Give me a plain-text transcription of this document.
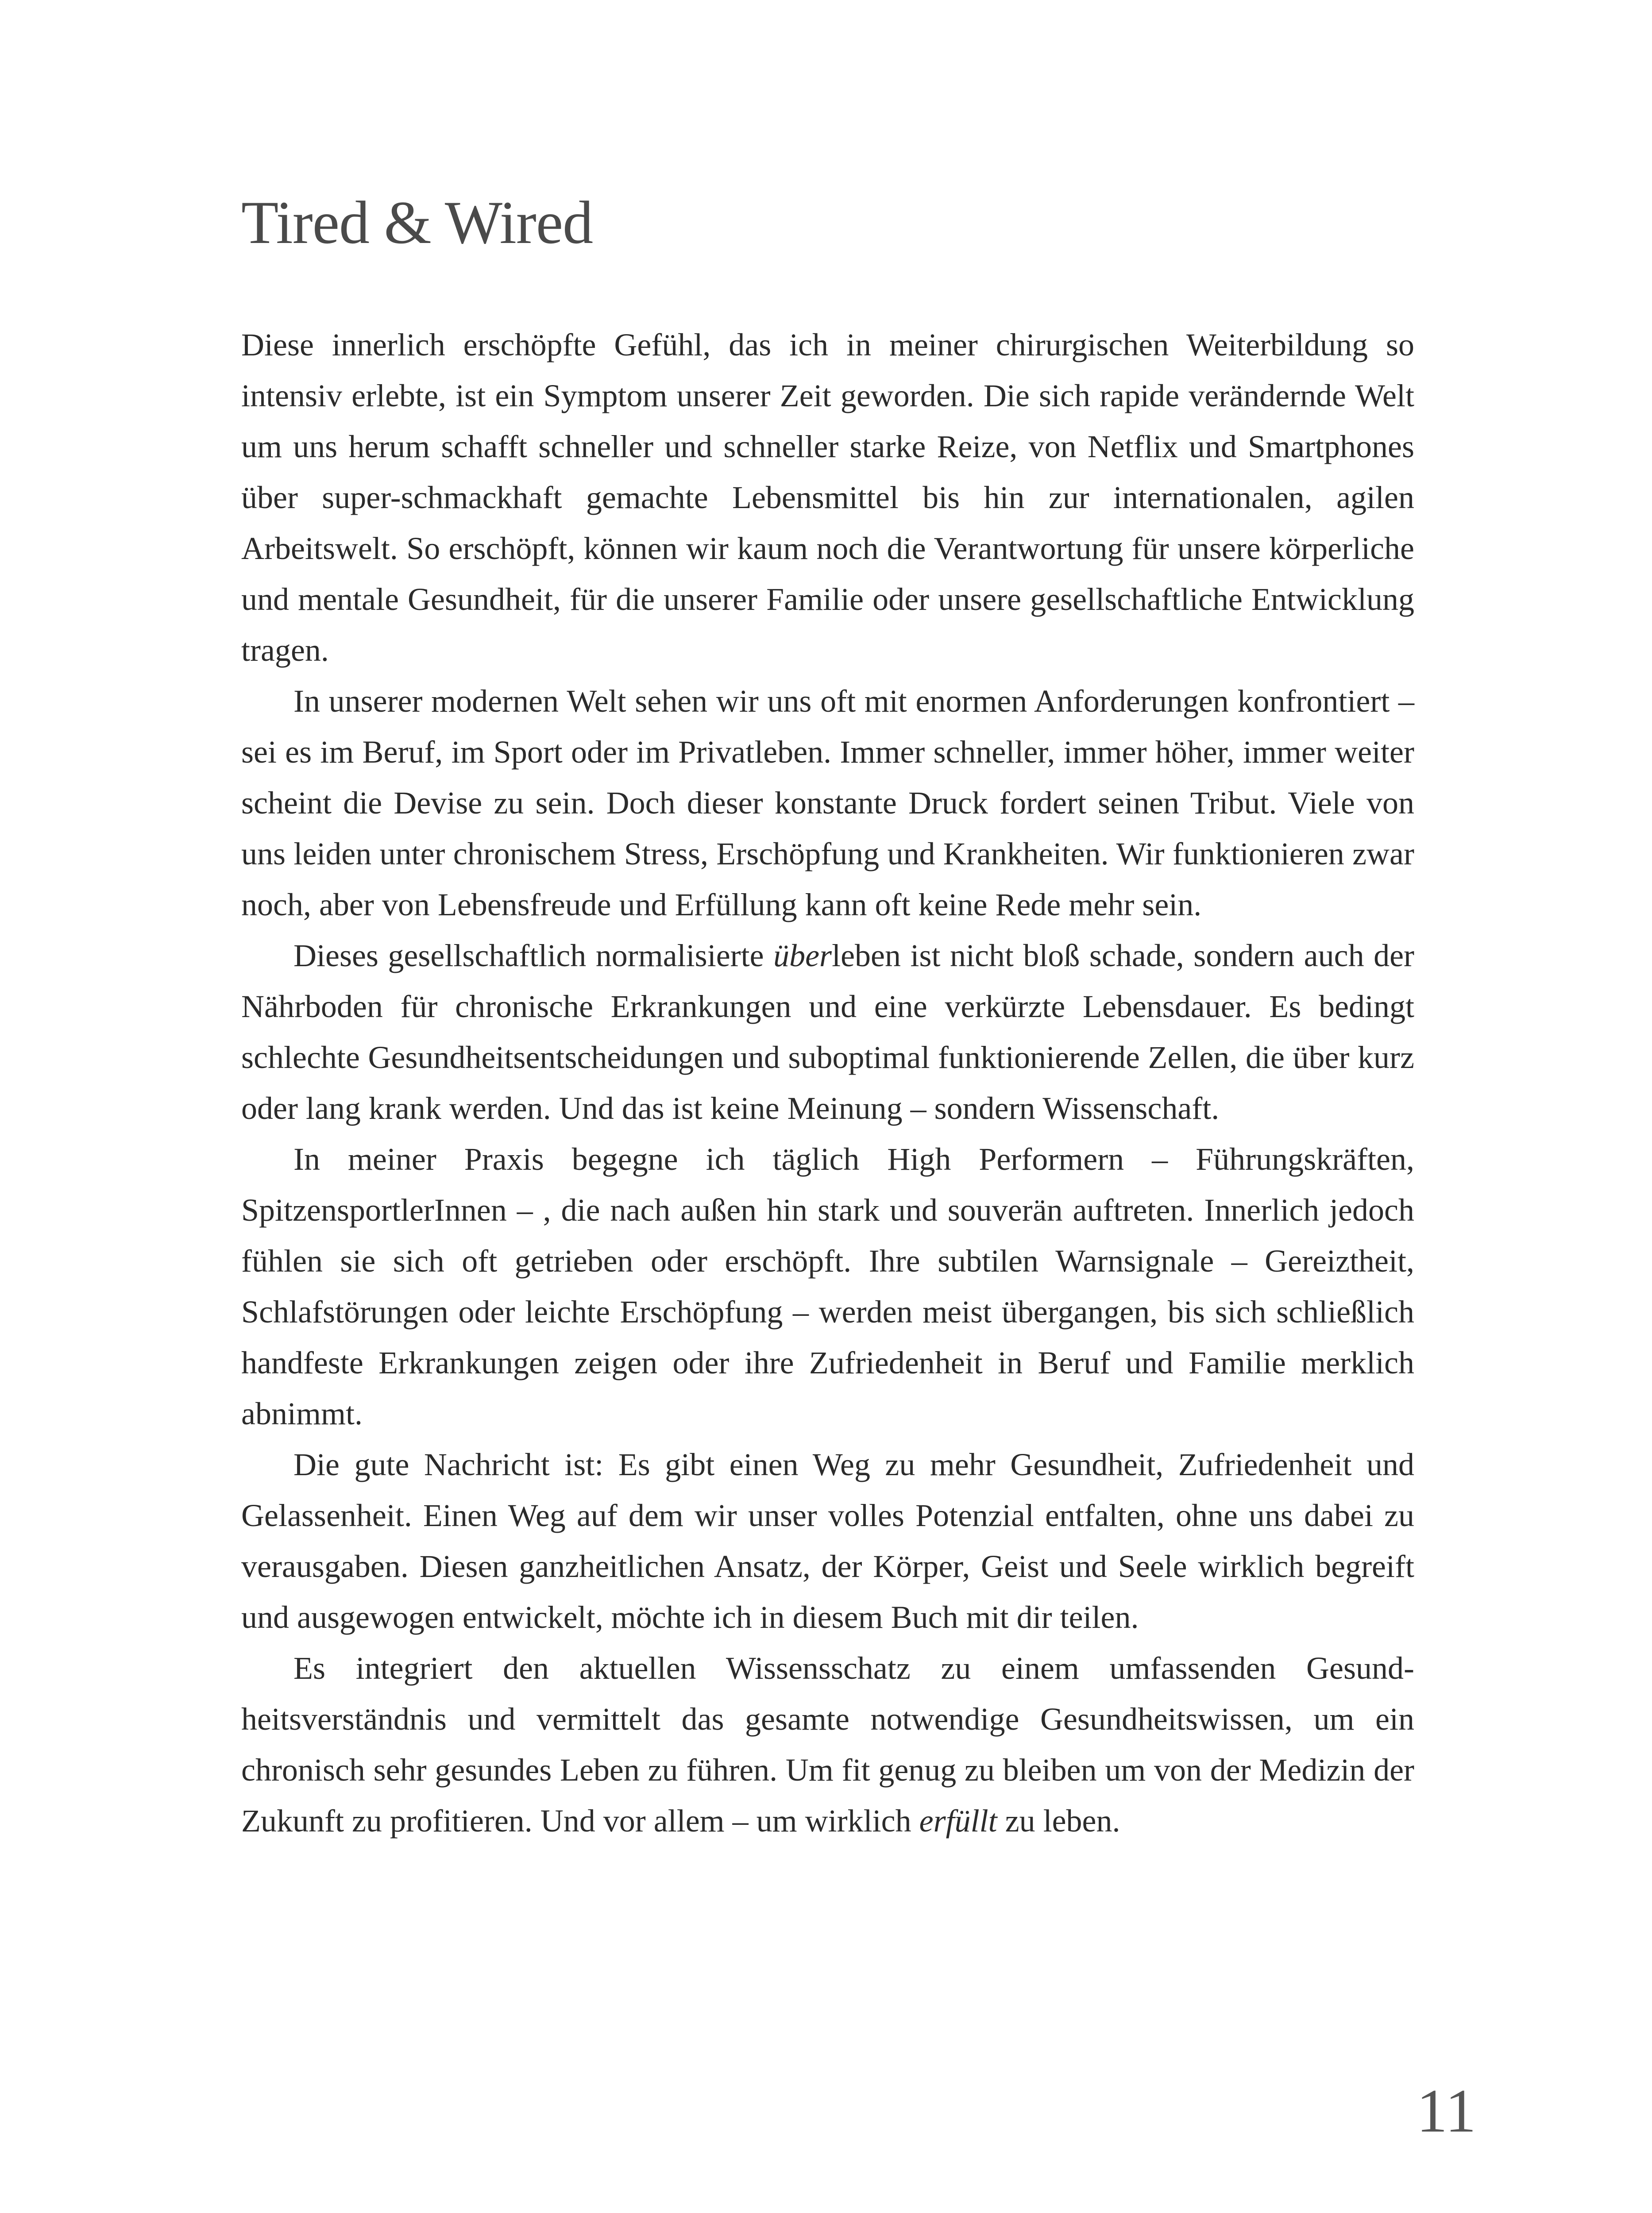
Tired & Wired

Diese innerlich erschöpfte Gefühl, das ich in meiner chirurgischen Weiterbildung so intensiv erlebte, ist ein Symptom unserer Zeit geworden. Die sich rapide verändernde Welt um uns herum schafft schneller und schneller starke Reize, von Netflix und Smartphones über super-schmackhaft gemachte Lebensmittel bis hin zur internationalen, agilen Arbeitswelt. So erschöpft, können wir kaum noch die Verantwortung für unsere körperliche und mentale Gesundheit, für die unserer Familie oder unsere gesellschaftliche Entwicklung tragen.

In unserer modernen Welt sehen wir uns oft mit enormen Anforderungen konfrontiert – sei es im Beruf, im Sport oder im Privatleben. Immer schneller, immer höher, immer weiter scheint die Devise zu sein. Doch dieser konstante Druck fordert seinen Tribut. Viele von uns leiden unter chronischem Stress, Erschöpfung und Krankheiten. Wir funktionieren zwar noch, aber von Lebensfreude und Erfüllung kann oft keine Rede mehr sein.

Dieses gesellschaftlich normalisierte überleben ist nicht bloß schade, sondern auch der Nährboden für chronische Erkrankungen und eine verkürzte Lebensdauer. Es bedingt schlechte Gesundheitsentscheidungen und suboptimal funktionierende Zellen, die über kurz oder lang krank werden. Und das ist keine Meinung – sondern Wissenschaft.

In meiner Praxis begegne ich täglich High Performern – Führungskräften, SpitzensportlerInnen – , die nach außen hin stark und souverän auftreten. Innerlich jedoch fühlen sie sich oft getrieben oder erschöpft. Ihre subtilen Warnsignale – Gereiztheit, Schlafstörungen oder leichte Erschöpfung – werden meist übergangen, bis sich schließlich handfeste Erkrankungen zeigen oder ihre Zufriedenheit in Beruf und Familie merklich abnimmt.

Die gute Nachricht ist: Es gibt einen Weg zu mehr Gesundheit, Zufriedenheit und Gelassenheit. Einen Weg auf dem wir unser volles Potenzial entfalten, ohne uns dabei zu verausgaben. Diesen ganzheitlichen Ansatz, der Körper, Geist und Seele wirklich begreift und ausgewogen entwickelt, möchte ich in diesem Buch mit dir teilen.

Es integriert den aktuellen Wissensschatz zu einem umfassenden Gesundheitsverständnis und vermittelt das gesamte notwendige Gesundheitswissen, um ein chronisch sehr gesundes Leben zu führen. Um fit genug zu bleiben um von der Medizin der Zukunft zu profitieren. Und vor allem – um wirklich erfüllt zu leben.

11
